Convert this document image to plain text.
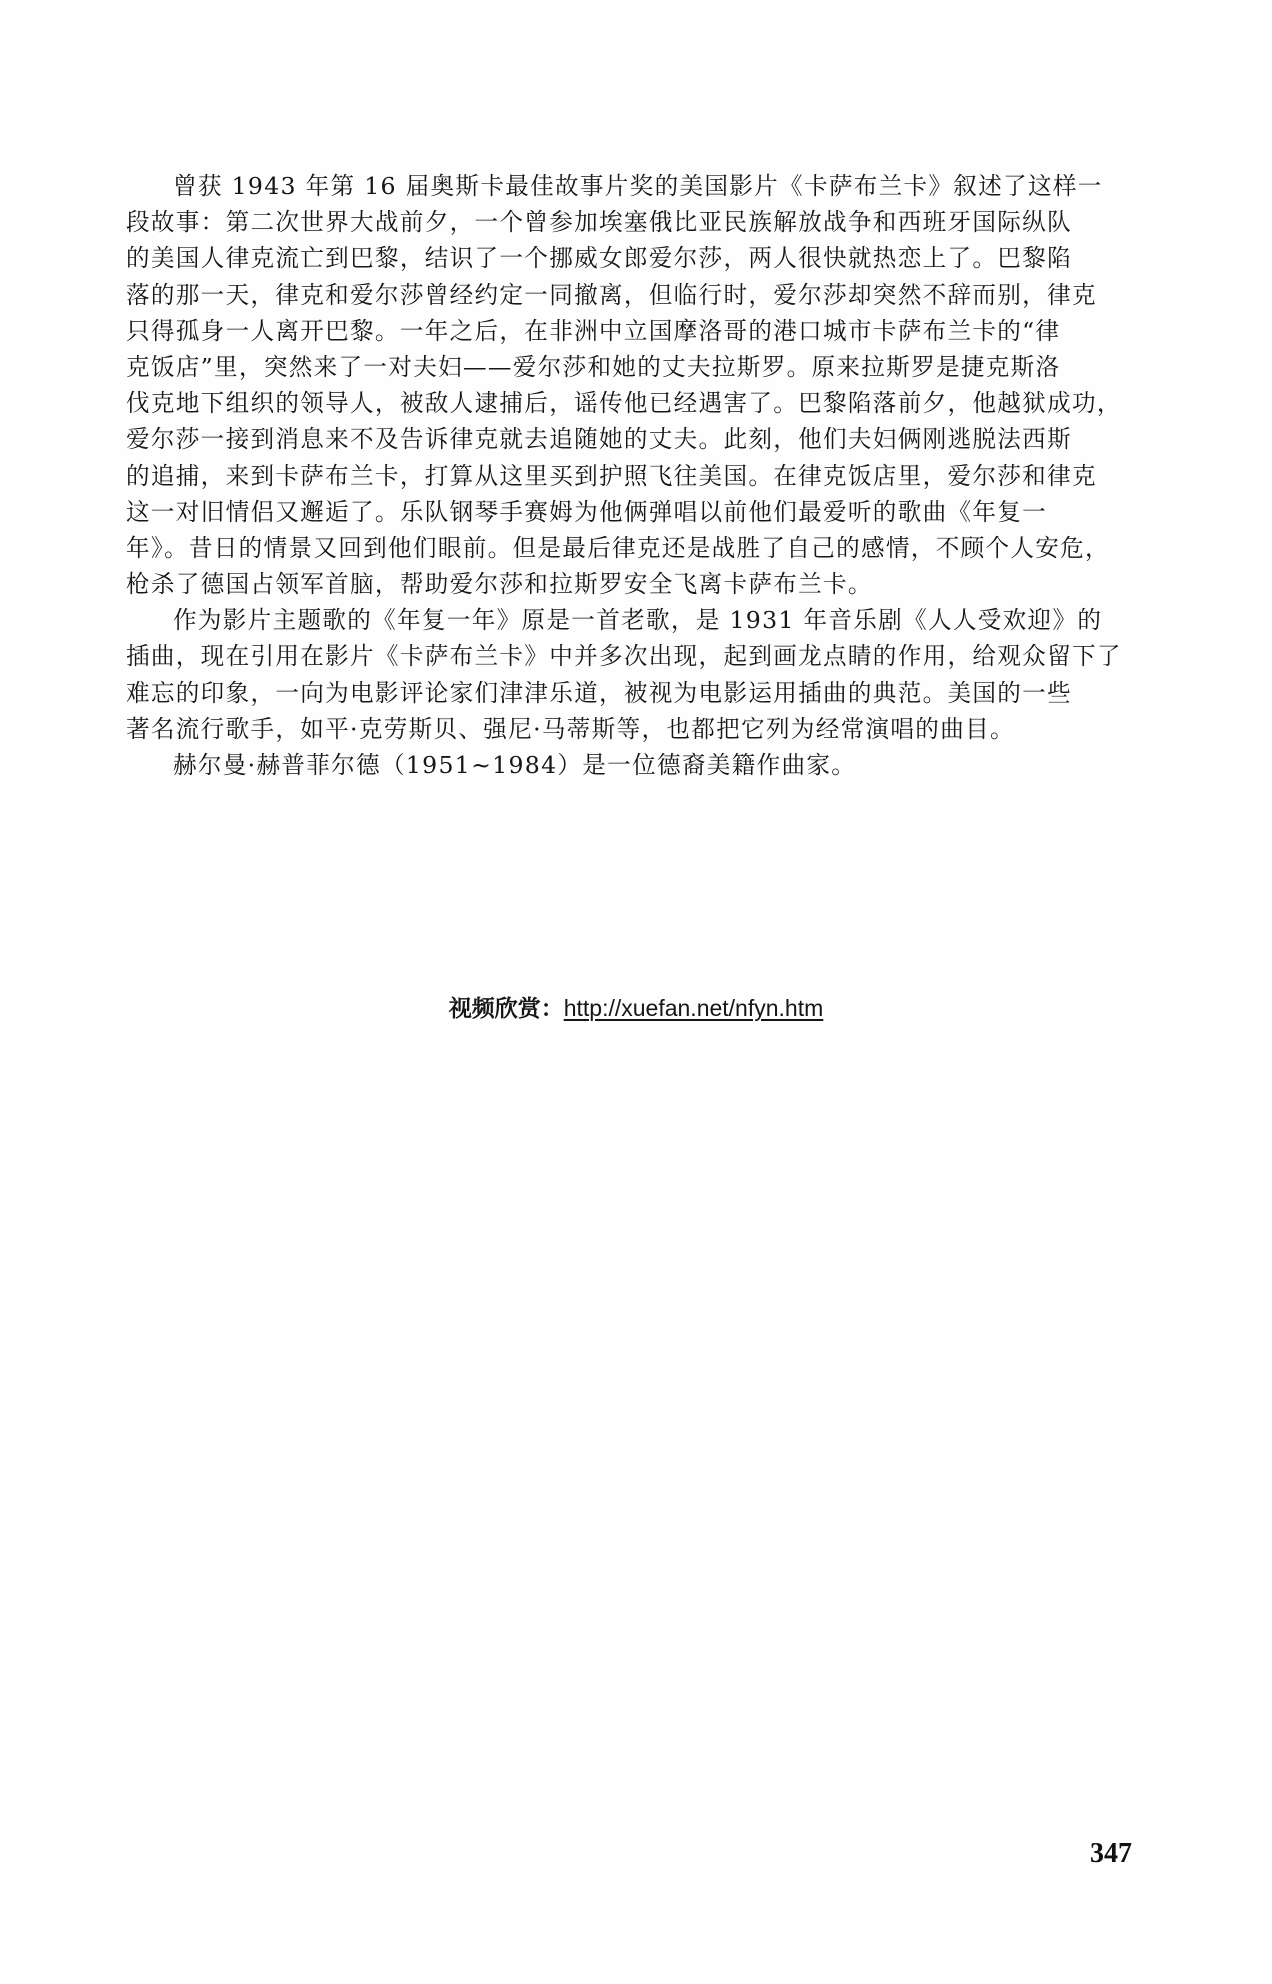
曾获 1943 年第 16 届奥斯卡最佳故事片奖的美国影片《卡萨布兰卡》叙述了这样一
段故事：第二次世界大战前夕，一个曾参加埃塞俄比亚民族解放战争和西班牙国际纵队
的美国人律克流亡到巴黎，结识了一个挪威女郎爱尔莎，两人很快就热恋上了。巴黎陷
落的那一天，律克和爱尔莎曾经约定一同撤离，但临行时，爱尔莎却突然不辞而别，律克
只得孤身一人离开巴黎。一年之后，在非洲中立国摩洛哥的港口城市卡萨布兰卡的“律
克饭店”里，突然来了一对夫妇——爱尔莎和她的丈夫拉斯罗。原来拉斯罗是捷克斯洛
伐克地下组织的领导人，被敌人逮捕后，谣传他已经遇害了。巴黎陷落前夕，他越狱成功，
爱尔莎一接到消息来不及告诉律克就去追随她的丈夫。此刻，他们夫妇俩刚逃脱法西斯
的追捕，来到卡萨布兰卡，打算从这里买到护照飞往美国。在律克饭店里，爱尔莎和律克
这一对旧情侣又邂逅了。乐队钢琴手赛姆为他俩弹唱以前他们最爱听的歌曲《年复一
年》。昔日的情景又回到他们眼前。但是最后律克还是战胜了自己的感情，不顾个人安危，
枪杀了德国占领军首脑，帮助爱尔莎和拉斯罗安全飞离卡萨布兰卡。
作为影片主题歌的《年复一年》原是一首老歌，是 1931 年音乐剧《人人受欢迎》的
插曲，现在引用在影片《卡萨布兰卡》中并多次出现，起到画龙点睛的作用，给观众留下了
难忘的印象，一向为电影评论家们津津乐道，被视为电影运用插曲的典范。美国的一些
著名流行歌手，如平·克劳斯贝、强尼·马蒂斯等，也都把它列为经常演唱的曲目。
赫尔曼·赫普菲尔德（1951~1984）是一位德裔美籍作曲家。
视频欣赏：http://xuefan.net/nfyn.htm
347
